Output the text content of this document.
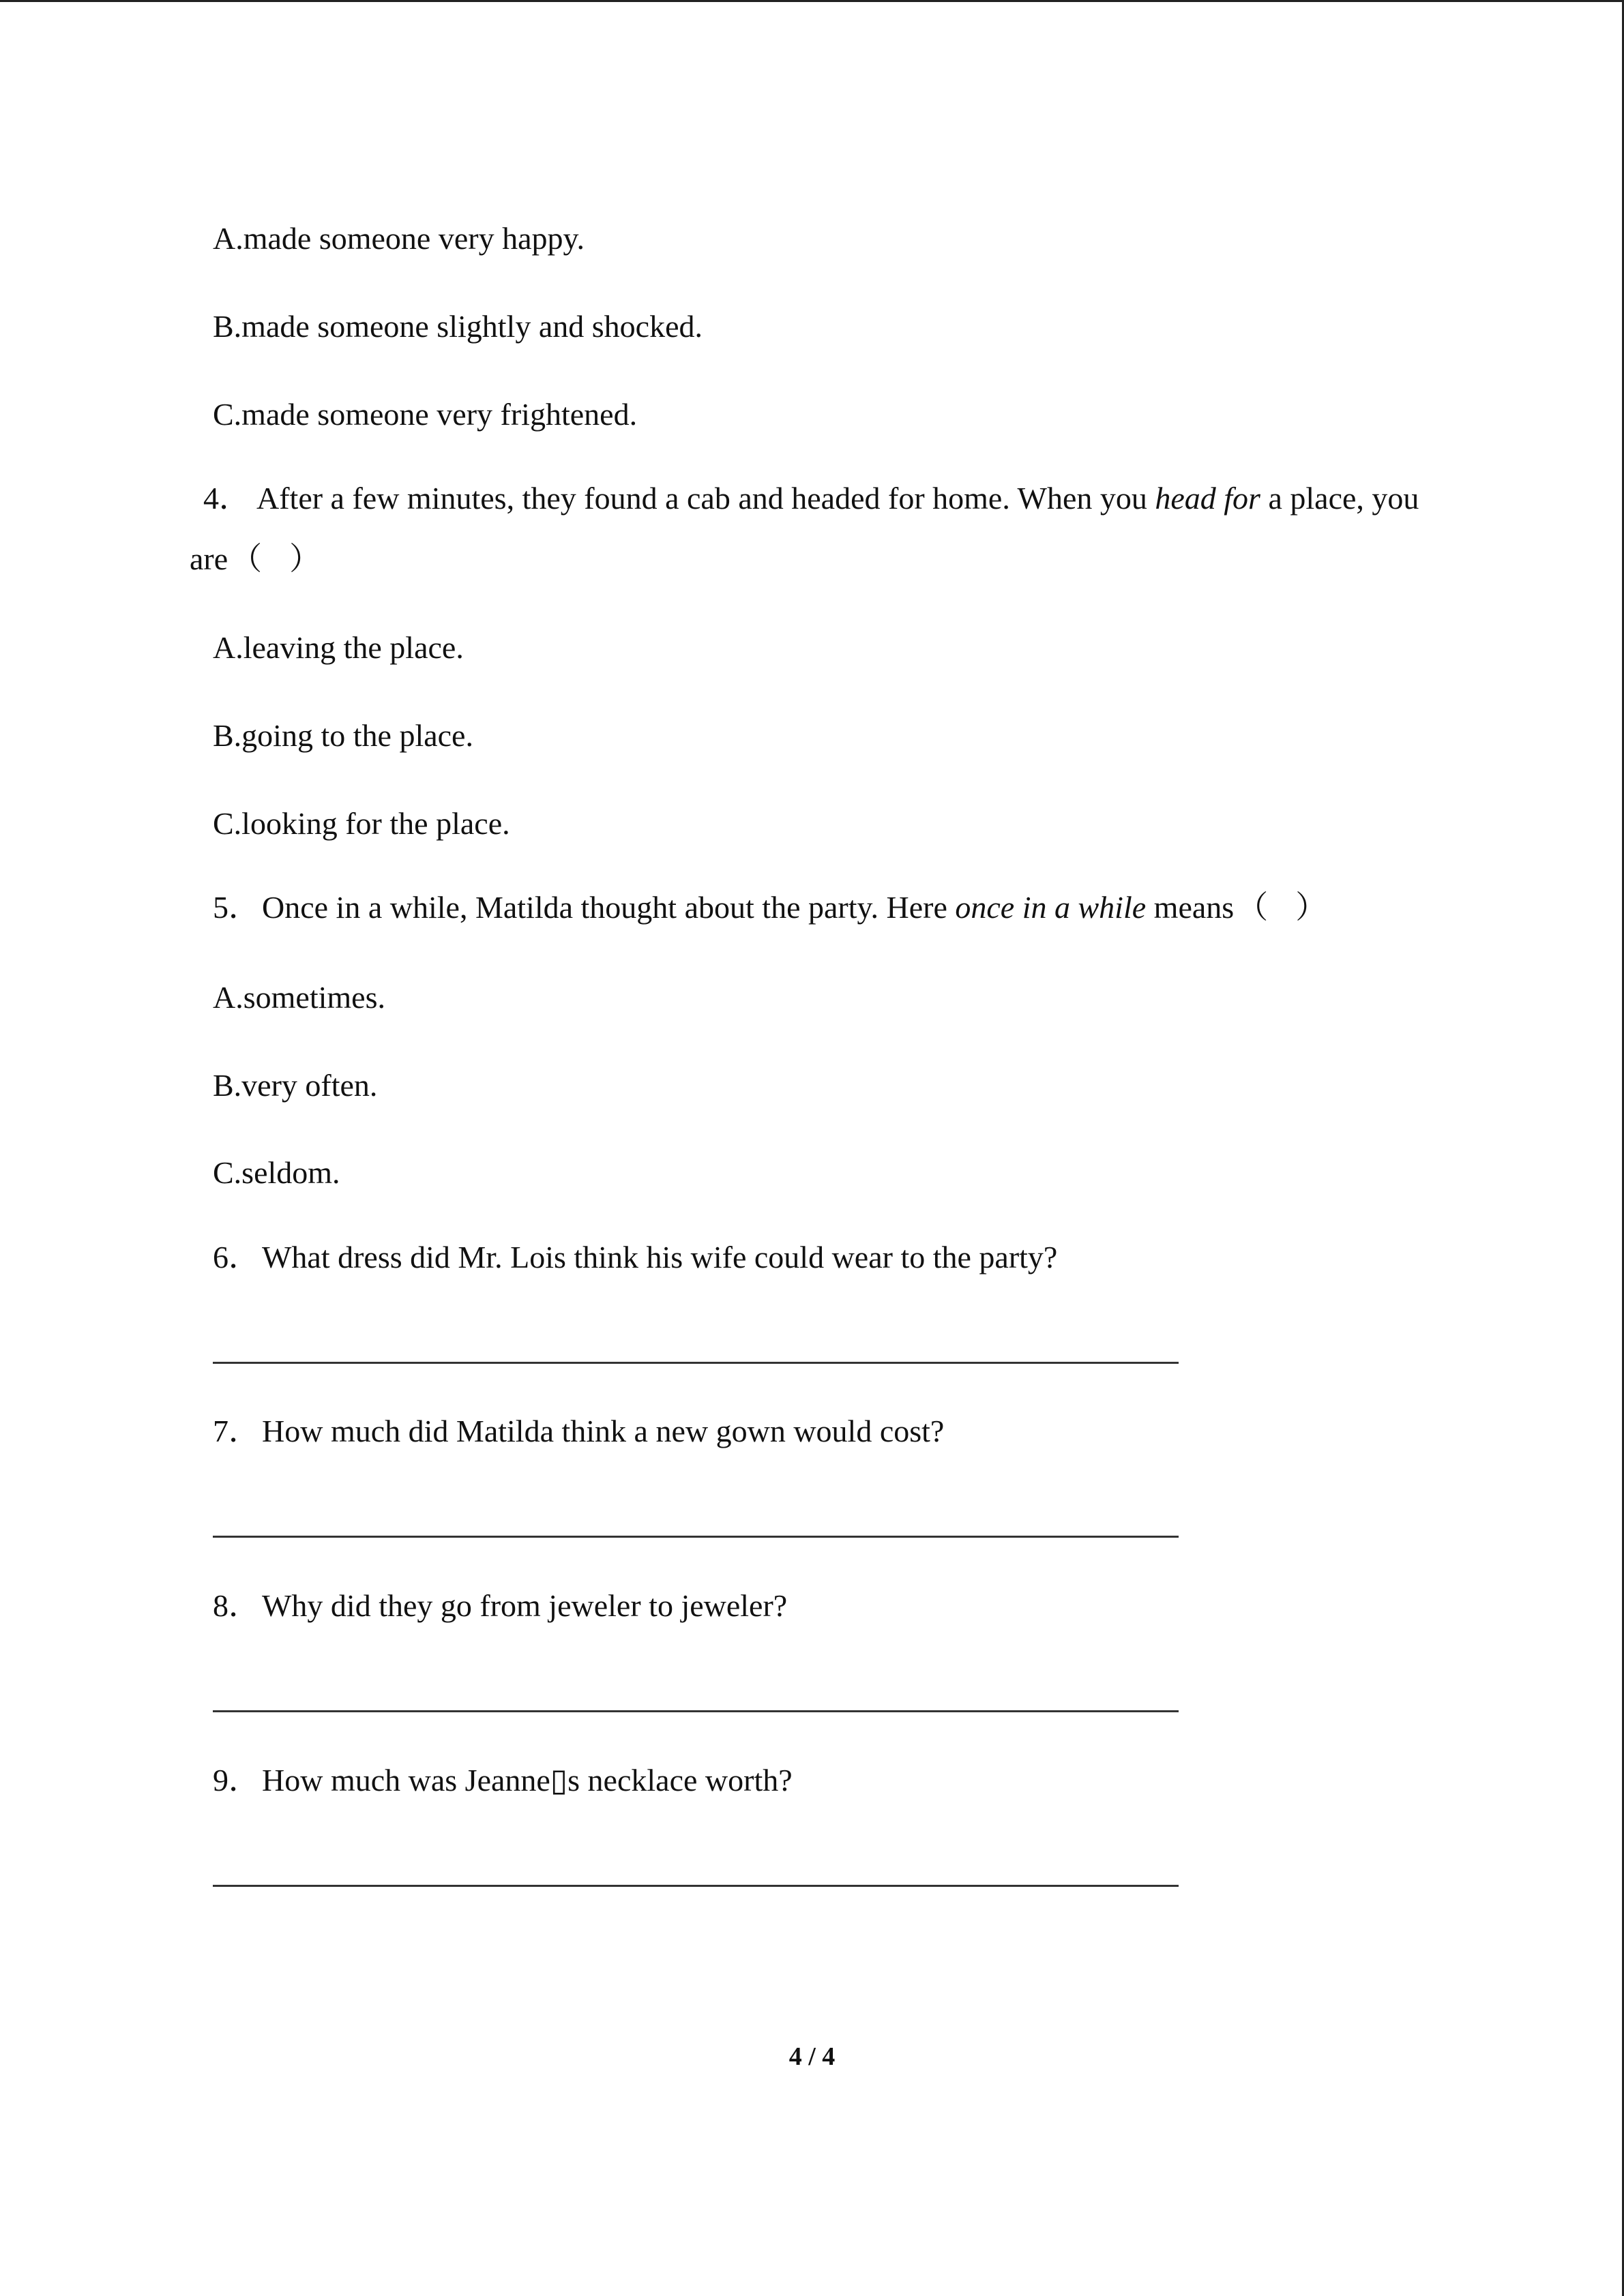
A.made someone very happy.
B.made someone slightly and shocked.
C.made someone very frightened.
4． After a few minutes, they found a cab and headed for home. When you head for a place, you
are（ ）
A.leaving the place.
B.going to the place.
C.looking for the place.
5．Once in a while, Matilda thought about the party. Here once in a while means（ ）
A.sometimes.
B.very often.
C.seldom.
6．What dress did Mr. Lois think his wife could wear to the party?
7．How much did Matilda think a new gown would cost?
8．Why did they go from jeweler to jeweler?
9．How much was Jeanne▯s necklace worth?
4 / 4
